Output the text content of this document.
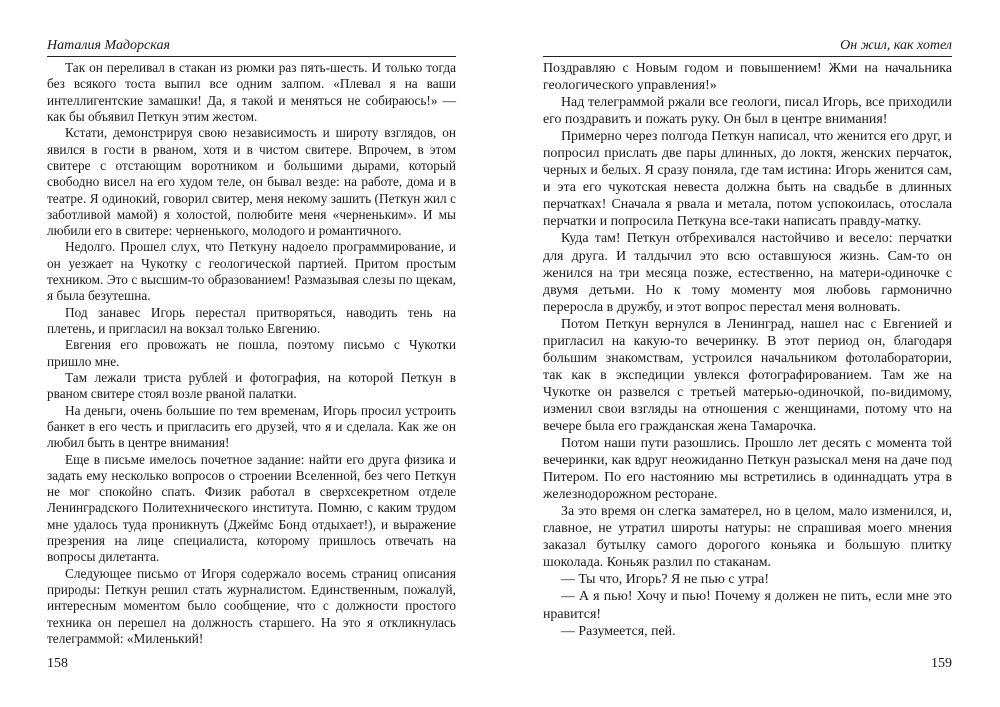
Наталия Мадорская

Так он переливал в стакан из рюмки раз пять-шесть. И только тогда без всякого тоста выпил все одним залпом. «Плевал я на ваши интеллигентские замашки! Да, я такой и меняться не собираюсь!» — как бы объявил Петкун этим жестом.

Кстати, демонстрируя свою независимость и широту взглядов, он явился в гости в рваном, хотя и в чистом свитере. Впрочем, в этом свитере с отстающим воротником и большими дырами, который свободно висел на его худом теле, он бывал везде: на работе, дома и в театре. Я одинокий, говорил свитер, меня некому зашить (Петкун жил с заботливой мамой) я холостой, полюбите меня «черненьким». И мы любили его в свитере: черненького, молодого и романтичного.

Недолго. Прошел слух, что Петкуну надоело программирование, и он уезжает на Чукотку с геологической партией. Притом простым техником. Это с высшим-то образованием! Размазывая слезы по щекам, я была безутешна.

Под занавес Игорь перестал притворяться, наводить тень на плетень, и пригласил на вокзал только Евгению.

Евгения его провожать не пошла, поэтому письмо с Чукотки пришло мне.

Там лежали триста рублей и фотография, на которой Петкун в рваном свитере стоял возле рваной палатки.

На деньги, очень большие по тем временам, Игорь просил устроить банкет в его честь и пригласить его друзей, что я и сделала. Как же он любил быть в центре внимания!

Еще в письме имелось почетное задание: найти его друга физика и задать ему несколько вопросов о строении Вселенной, без чего Петкун не мог спокойно спать. Физик работал в сверхсекретном отделе Ленинградского Политехнического института. Помню, с каким трудом мне удалось туда проникнуть (Джеймс Бонд отдыхает!), и выражение презрения на лице специалиста, которому пришлось отвечать на вопросы дилетанта.

Следующее письмо от Игоря содержало восемь страниц описания природы: Петкун решил стать журналистом. Единственным, пожалуй, интересным моментом было сообщение, что с должности простого техника он перешел на должность старшего. На это я откликнулась телеграммой: «Миленький!

158
Он жил, как хотел

Поздравляю с Новым годом и повышением! Жми на начальника геологического управления!»

Над телеграммой ржали все геологи, писал Игорь, все приходили его поздравить и пожать руку. Он был в центре внимания!

Примерно через полгода Петкун написал, что женится его друг, и попросил прислать две пары длинных, до локтя, женских перчаток, черных и белых. Я сразу поняла, где там истина: Игорь женится сам, и эта его чукотская невеста должна быть на свадьбе в длинных перчатках! Сначала я рвала и метала, потом успокоилась, отослала перчатки и попросила Петкуна все-таки написать правду-матку.

Куда там! Петкун отбрехивался настойчиво и весело: перчатки для друга. И талдычил это всю оставшуюся жизнь. Сам-то он женился на три месяца позже, естественно, на матери-одиночке с двумя детьми. Но к тому моменту моя любовь гармонично переросла в дружбу, и этот вопрос перестал меня волновать.

Потом Петкун вернулся в Ленинград, нашел нас с Евгенией и пригласил на какую-то вечеринку. В этот период он, благодаря большим знакомствам, устроился начальником фотолаборатории, так как в экспедиции увлекся фотографированием. Там же на Чукотке он развелся с третьей матерью-одиночкой, по-видимому, изменил свои взгляды на отношения с женщинами, потому что на вечере была его гражданская жена Тамарочка.

Потом наши пути разошлись. Прошло лет десять с момента той вечеринки, как вдруг неожиданно Петкун разыскал меня на даче под Питером. По его настоянию мы встретились в одиннадцать утра в железнодорожном ресторане.

За это время он слегка заматерел, но в целом, мало изменился, и, главное, не утратил широты натуры: не спрашивая моего мнения заказал бутылку самого дорогого коньяка и большую плитку шоколада. Коньяк разлил по стаканам.

— Ты что, Игорь? Я не пью с утра!

— А я пью! Хочу и пью! Почему я должен не пить, если мне это нравится!

— Разумеется, пей.

159
